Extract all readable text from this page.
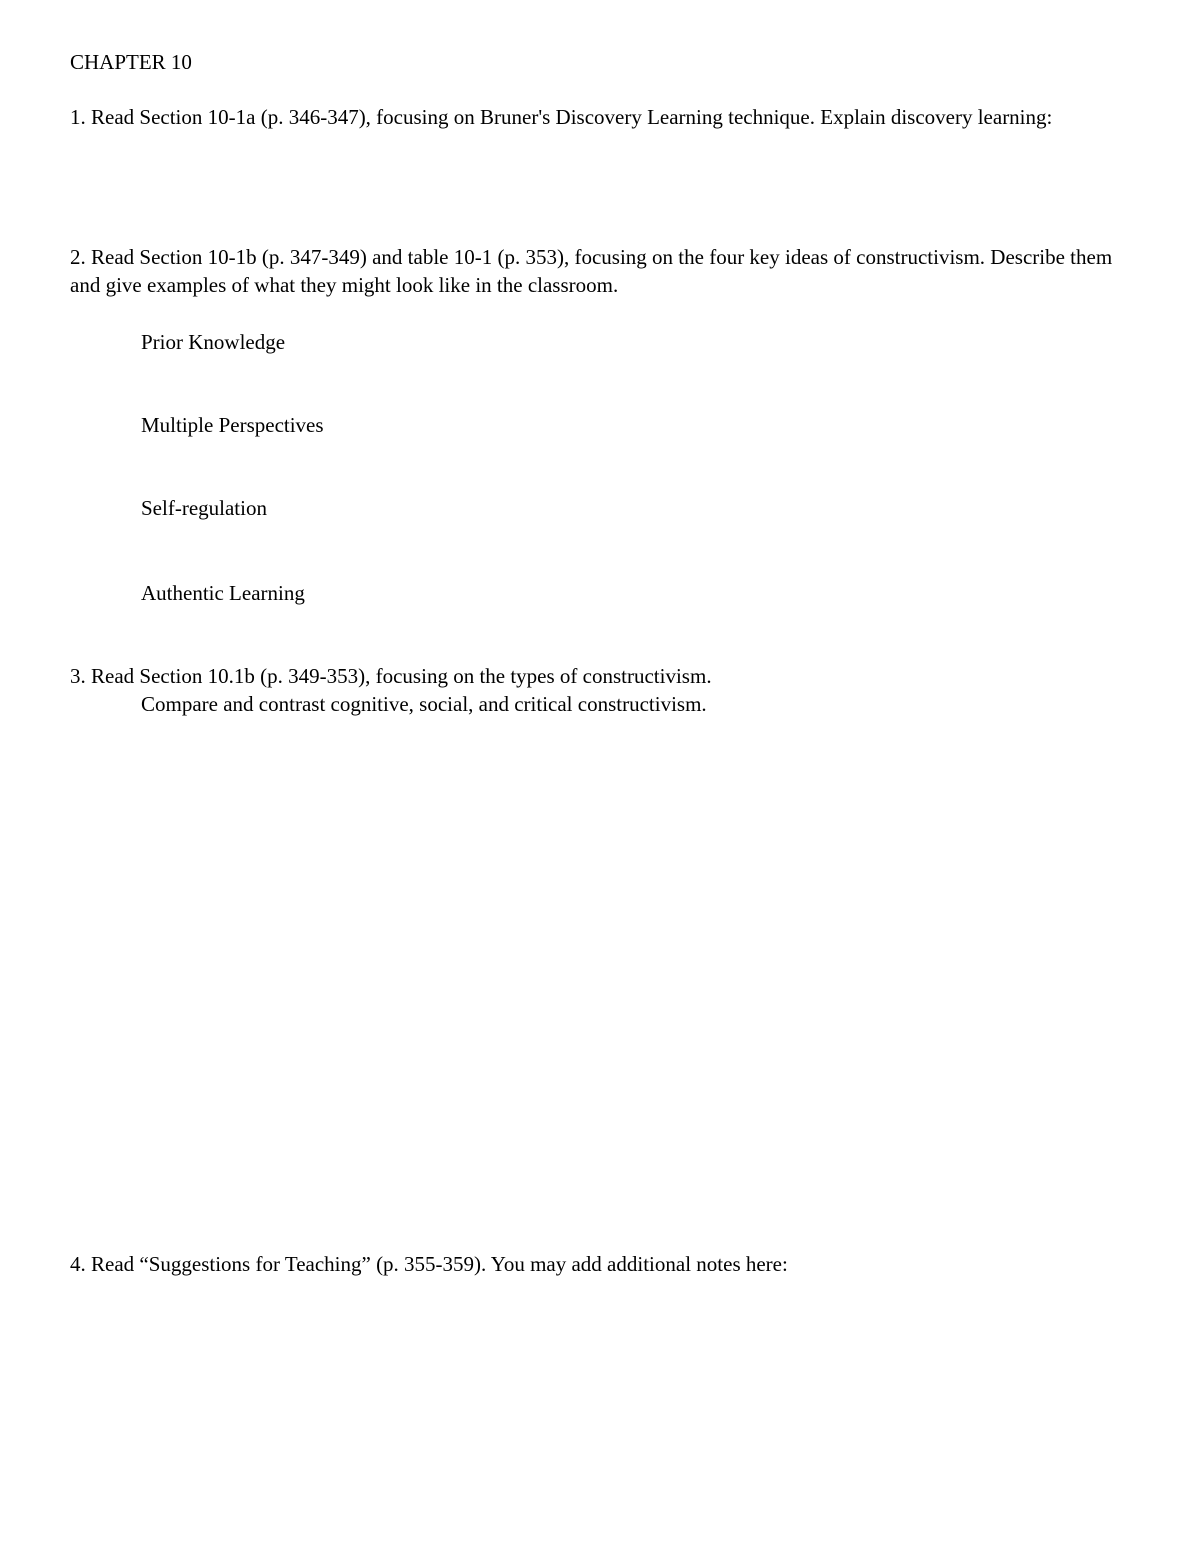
CHAPTER 10
1. Read Section 10-1a (p. 346-347), focusing on Bruner's Discovery Learning technique. Explain discovery learning:
2. Read Section 10-1b (p. 347-349) and table 10-1 (p. 353), focusing on the four key ideas of constructivism. Describe them and give examples of what they might look like in the classroom.
Prior Knowledge
Multiple Perspectives
Self-regulation
Authentic Learning
3. Read Section 10.1b (p. 349-353), focusing on the types of constructivism.
Compare and contrast cognitive, social, and critical constructivism.
4. Read “Suggestions for Teaching” (p. 355-359). You may add additional notes here:
